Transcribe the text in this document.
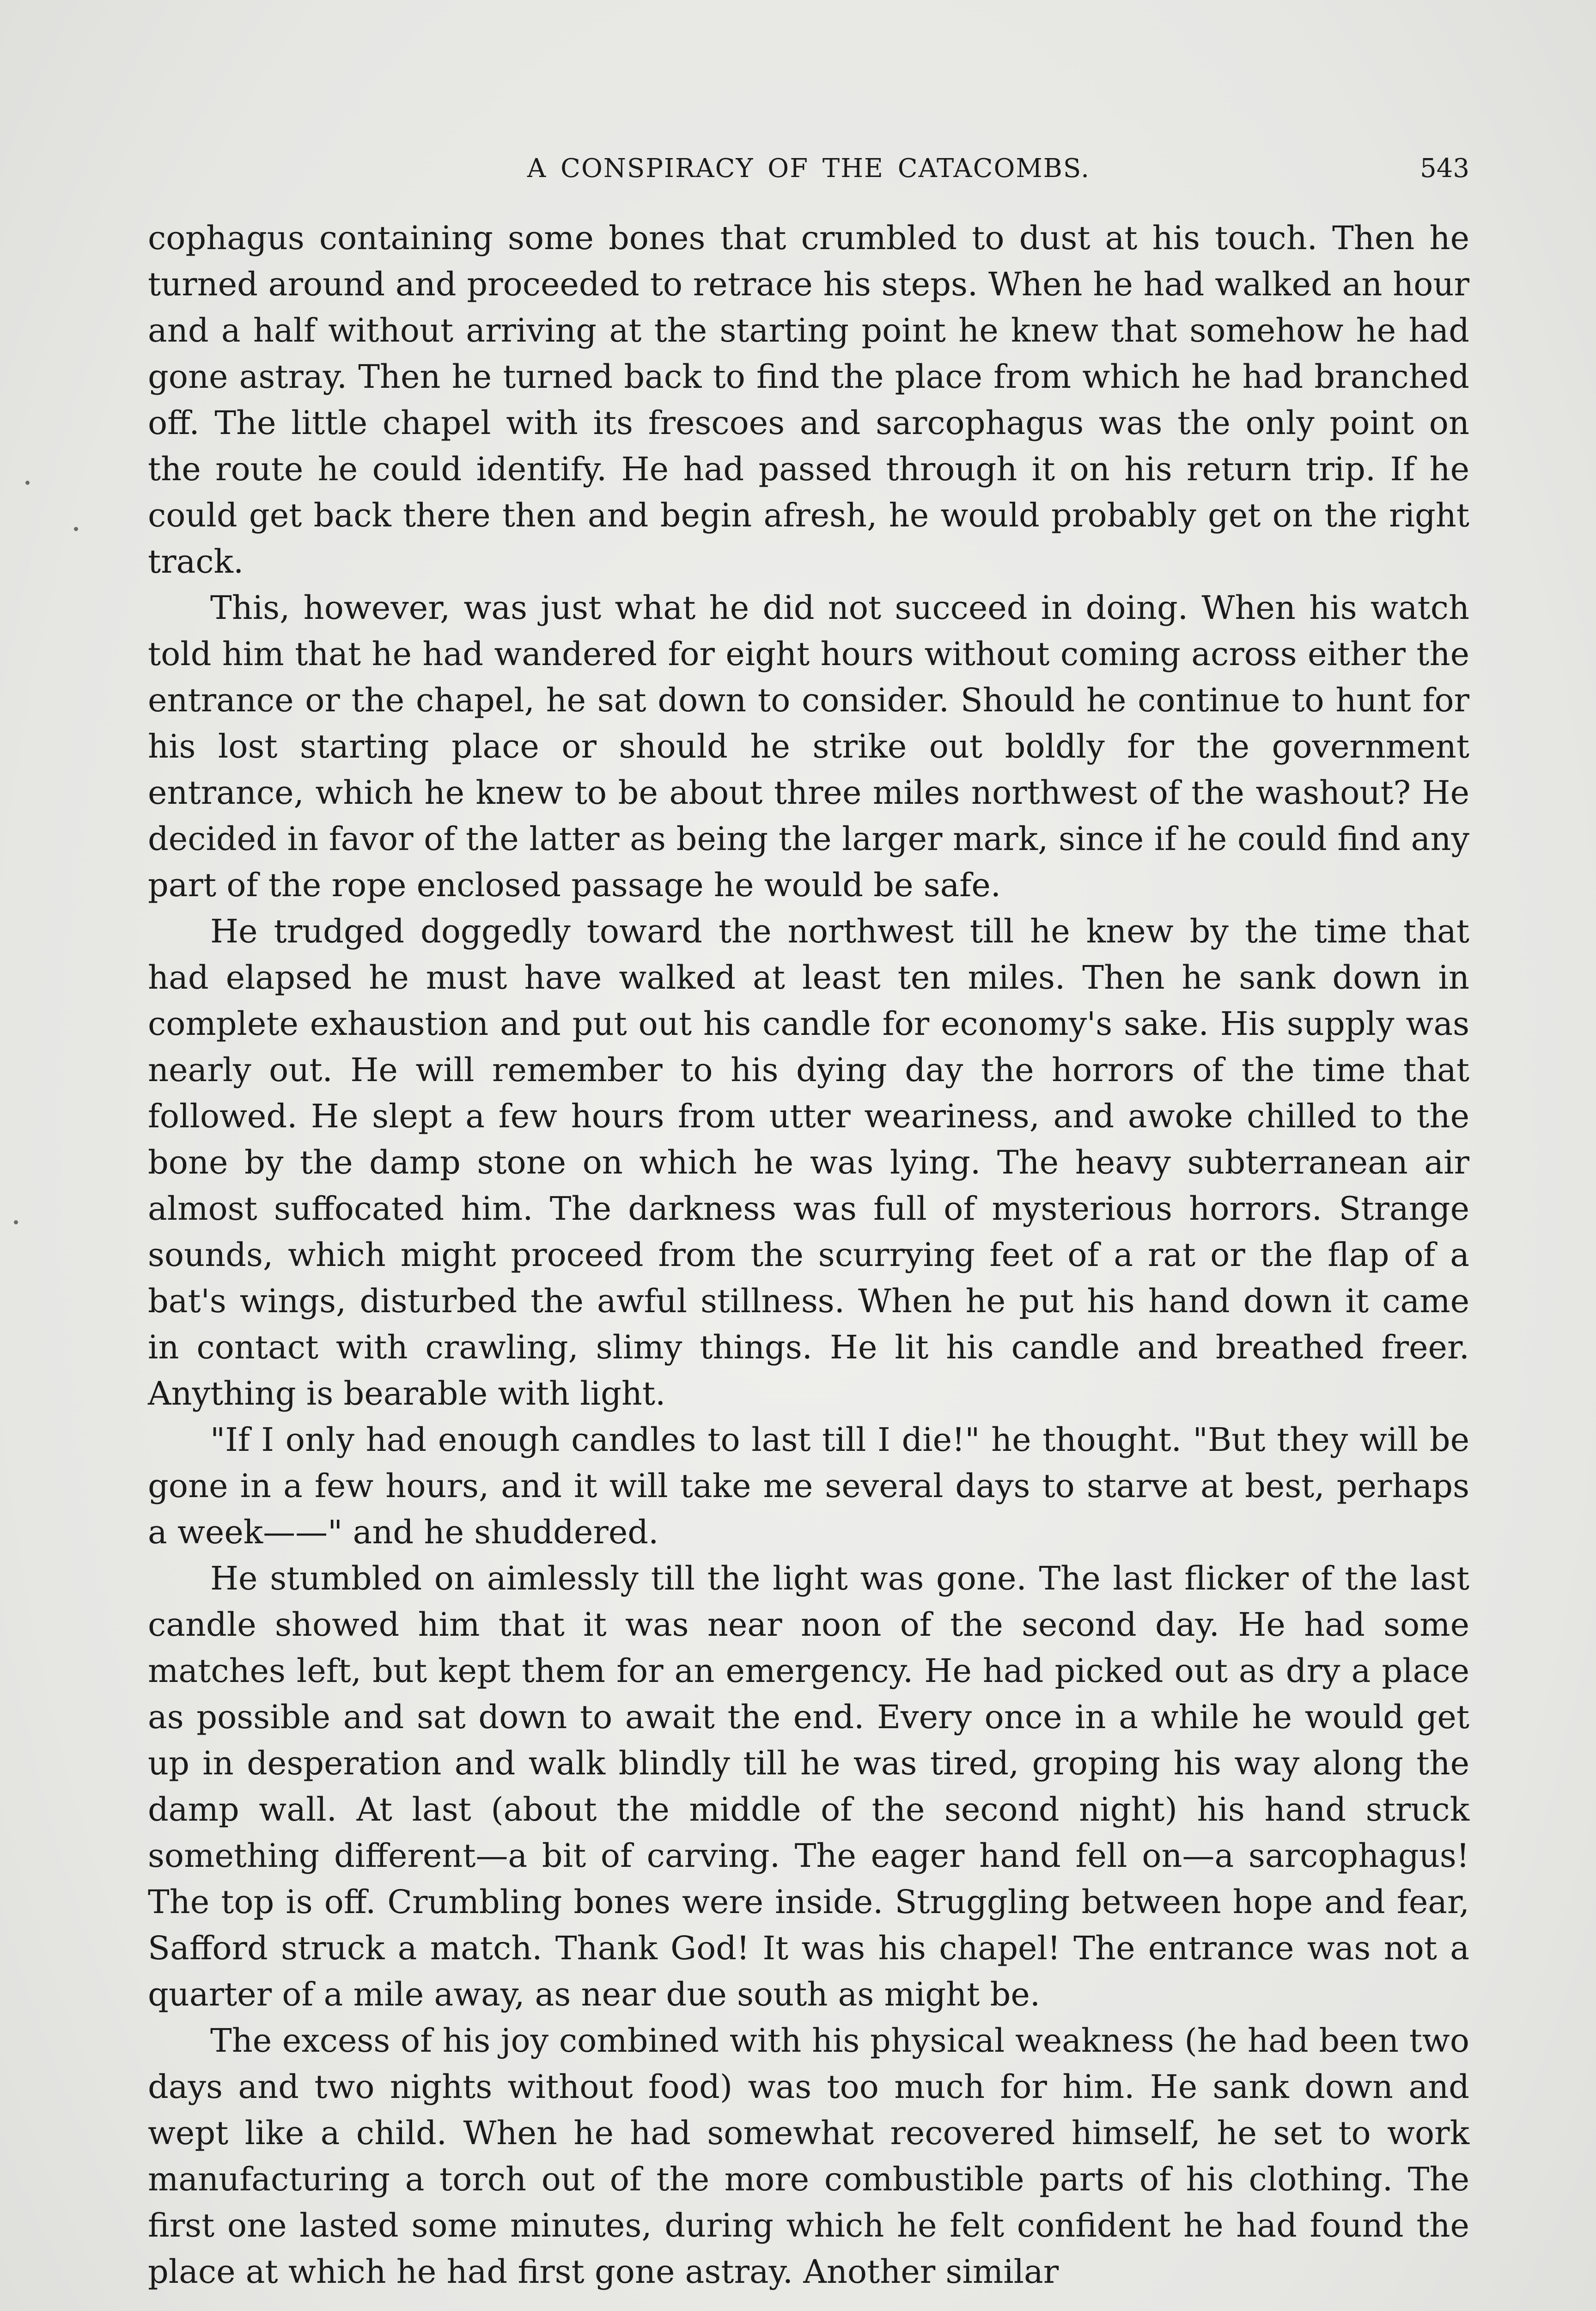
A CONSPIRACY OF THE CATACOMBS.	543

cophagus containing some bones that crumbled to dust at his touch. Then he turned around and proceeded to retrace his steps. When he had walked an hour and a half without arriving at the starting point he knew that somehow he had gone astray. Then he turned back to find the place from which he had branched off. The little chapel with its frescoes and sarcophagus was the only point on the route he could identify. He had passed through it on his return trip. If he could get back there then and begin afresh, he would probably get on the right track.

This, however, was just what he did not succeed in doing. When his watch told him that he had wandered for eight hours without coming across either the entrance or the chapel, he sat down to consider. Should he continue to hunt for his lost starting place or should he strike out boldly for the government entrance, which he knew to be about three miles northwest of the washout? He decided in favor of the latter as being the larger mark, since if he could find any part of the rope enclosed passage he would be safe.

He trudged doggedly toward the northwest till he knew by the time that had elapsed he must have walked at least ten miles. Then he sank down in complete exhaustion and put out his candle for economy's sake. His supply was nearly out. He will remember to his dying day the horrors of the time that followed. He slept a few hours from utter weariness, and awoke chilled to the bone by the damp stone on which he was lying. The heavy subterranean air almost suffocated him. The darkness was full of mysterious horrors. Strange sounds, which might proceed from the scurrying feet of a rat or the flap of a bat's wings, disturbed the awful stillness. When he put his hand down it came in contact with crawling, slimy things. He lit his candle and breathed freer. Anything is bearable with light.

"If I only had enough candles to last till I die!" he thought. "But they will be gone in a few hours, and it will take me several days to starve at best, perhaps a week——" and he shuddered.

He stumbled on aimlessly till the light was gone. The last flicker of the last candle showed him that it was near noon of the second day. He had some matches left, but kept them for an emergency. He had picked out as dry a place as possible and sat down to await the end. Every once in a while he would get up in desperation and walk blindly till he was tired, groping his way along the damp wall. At last (about the middle of the second night) his hand struck something different—a bit of carving. The eager hand fell on—a sarcophagus! The top is off. Crumbling bones were inside. Struggling between hope and fear, Safford struck a match. Thank God! It was his chapel! The entrance was not a quarter of a mile away, as near due south as might be.

The excess of his joy combined with his physical weakness (he had been two days and two nights without food) was too much for him. He sank down and wept like a child. When he had somewhat recovered himself, he set to work manufacturing a torch out of the more combustible parts of his clothing. The first one lasted some minutes, during which he felt confident he had found the place at which he had first gone astray. Another similar
